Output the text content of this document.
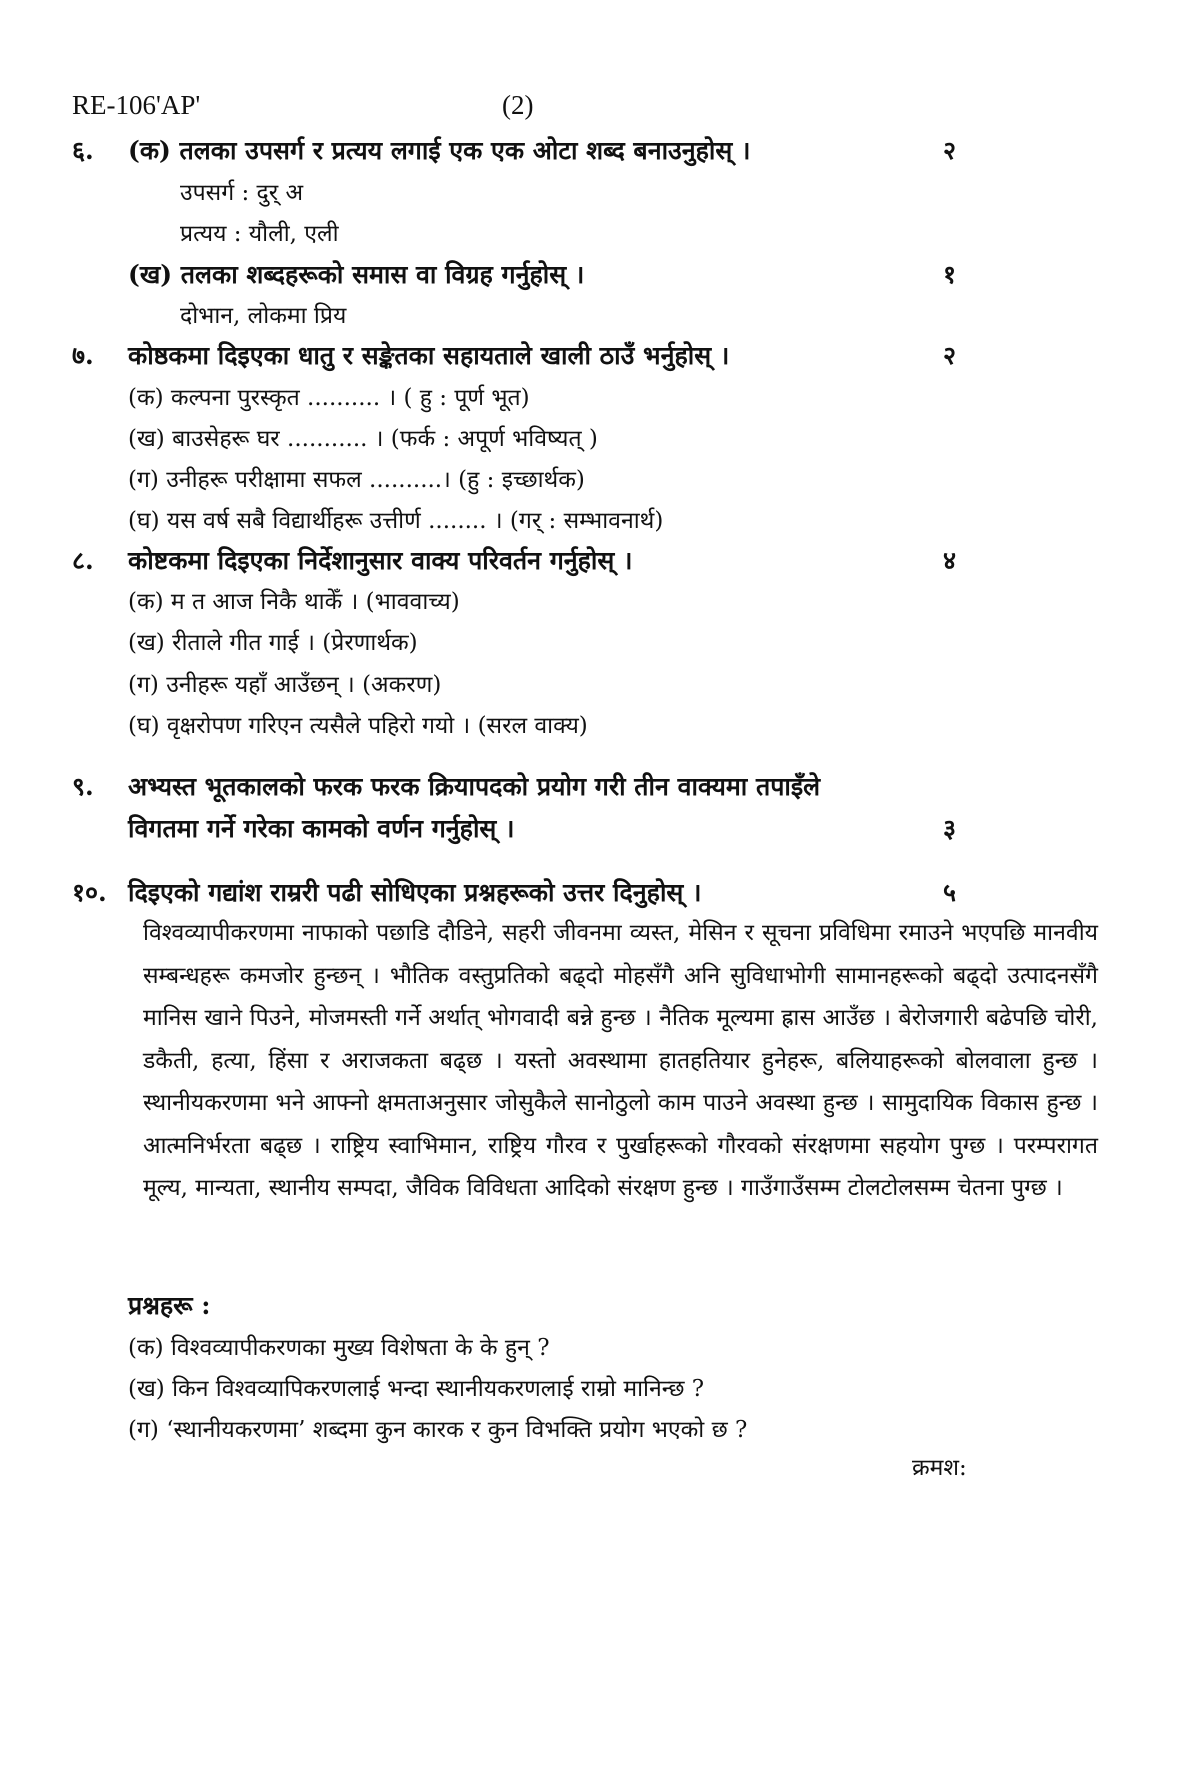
RE-106'AP'	(2)
६. (क) तलका उपसर्ग र प्रत्यय लगाई एक एक ओटा शब्द बनाउनुहोस् ।	२
उपसर्ग : दुर् अ
प्रत्यय : यौली, एली
(ख) तलका शब्दहरूको समास वा विग्रह गर्नुहोस् ।	१
दोभान, लोकमा प्रिय
७. कोष्ठकमा दिइएका धातु र सङ्केतका सहायताले खाली ठाउँ भर्नुहोस् ।	२
(क) कल्पना पुरस्कृत .......... । ( हु : पूर्ण भूत)
(ख) बाउसेहरू घर ........... । (फर्क : अपूर्ण भविष्यत् )
(ग) उनीहरू परीक्षामा सफल ..........। (हु : इच्छार्थक)
(घ) यस वर्ष सबै विद्यार्थीहरू उत्तीर्ण ........ । (गर् : सम्भावनार्थ)
८. कोष्टकमा दिइएका निर्देशानुसार वाक्य परिवर्तन गर्नुहोस् ।	४
(क) म त आज निकै थाकेँ । (भाववाच्य)
(ख) रीताले गीत गाई । (प्रेरणार्थक)
(ग) उनीहरू यहाँ आउँछन् । (अकरण)
(घ) वृक्षरोपण गरिएन त्यसैले पहिरो गयो । (सरल वाक्य)
९. अभ्यस्त भूतकालको फरक फरक क्रियापदको प्रयोग गरी तीन वाक्यमा तपाइँले
विगतमा गर्ने गरेका कामको वर्णन गर्नुहोस् ।	३
१०. दिइएको गद्यांश राम्ररी पढी सोधिएका प्रश्नहरूको उत्तर दिनुहोस् ।	५
विश्वव्यापीकरणमा नाफाको पछाडि दौडिने, सहरी जीवनमा व्यस्त, मेसिन र सूचना प्रविधिमा रमाउने भएपछि मानवीय सम्बन्धहरू कमजोर हुन्छन् । भौतिक वस्तुप्रतिको बढ्दो मोहसँगै अनि सुविधाभोगी सामानहरूको बढ्दो उत्पादनसँगै मानिस खाने पिउने, मोजमस्ती गर्ने अर्थात् भोगवादी बन्ने हुन्छ । नैतिक मूल्यमा ह्रास आउँछ । बेरोजगारी बढेपछि चोरी, डकैती, हत्या, हिंसा र अराजकता बढ्छ । यस्तो अवस्थामा हातहतियार हुनेहरू, बलियाहरूको बोलवाला हुन्छ । स्थानीयकरणमा भने आफ्नो क्षमताअनुसार जोसुकैले सानोठुलो काम पाउने अवस्था हुन्छ । सामुदायिक विकास हुन्छ । आत्मनिर्भरता बढ्छ । राष्ट्रिय स्वाभिमान, राष्ट्रिय गौरव र पुर्खाहरूको गौरवको संरक्षणमा सहयोग पुग्छ । परम्परागत मूल्य, मान्यता, स्थानीय सम्पदा, जैविक विविधता आदिको संरक्षण हुन्छ । गाउँगाउँसम्म टोलटोलसम्म चेतना पुग्छ ।
प्रश्नहरू :
(क) विश्वव्यापीकरणका मुख्य विशेषता के के हुन् ?
(ख) किन विश्वव्यापिकरणलाई भन्दा स्थानीयकरणलाई राम्रो मानिन्छ ?
(ग) ‘स्थानीयकरणमा’ शब्दमा कुन कारक र कुन विभक्ति प्रयोग भएको छ ?
क्रमश:
